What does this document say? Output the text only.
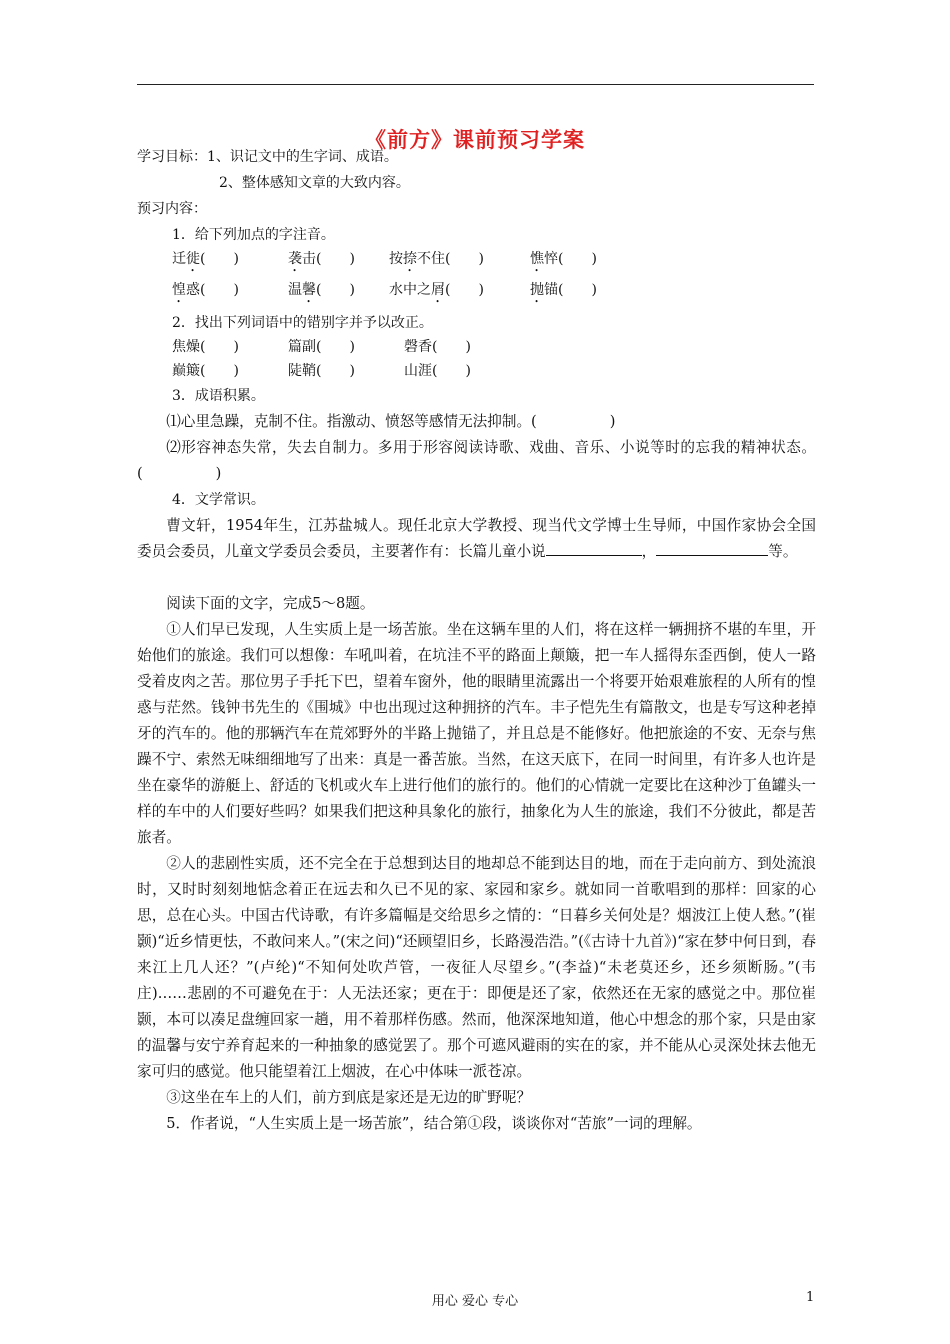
《前方》课前预习学案
学习目标：1、识记文中的生字词、成语。
2、整体感知文章的大致内容。
预习内容：
1．给下列加点的字注音。
迁徙(　　)	袭击(　　) 按捺不住(　　)	憔悴(　　)
惶惑(　　)	温馨(　　) 水中之屑(　　)	抛锚(　　)
2．找出下列词语中的错别字并予以改正。
焦燥(　　)	篇副(　　)	磬香(　　)
巅簸(　　)	陡鞘(　　)	山涯(　　)
3．成语积累。

⑴心里急躁，克制不住。指激动、愤怒等感情无法抑制。(　　　　　)

⑵形容神态失常，失去自制力。多用于形容阅读诗歌、戏曲、音乐、小说等时的忘我的精神状态。(　　　　　)

4．文学常识。

曹文轩，1954年生，江苏盐城人。现任北京大学教授、现当代文学博士生导师，中国作家协会全国委员会委员，儿童文学委员会委员，主要著作有：长篇儿童小说	，	等。

阅读下面的文字，完成5～8题。

①人们早已发现，人生实质上是一场苦旅。坐在这辆车里的人们，将在这样一辆拥挤不堪的车里，开始他们的旅途。我们可以想像：车吼叫着，在坑洼不平的路面上颠簸，把一车人摇得东歪西倒，使人一路受着皮肉之苦。那位男子手托下巴，望着车窗外，他的眼睛里流露出一个将要开始艰难旅程的人所有的惶惑与茫然。钱钟书先生的《围城》中也出现过这种拥挤的汽车。丰子恺先生有篇散文，也是专写这种老掉牙的汽车的。他的那辆汽车在荒郊野外的半路上抛锚了，并且总是不能修好。他把旅途的不安、无奈与焦躁不宁、索然无味细细地写了出来：真是一番苦旅。当然，在这天底下，在同一时间里，有许多人也许是坐在豪华的游艇上、舒适的飞机或火车上进行他们的旅行的。他们的心情就一定要比在这种沙丁鱼罐头一样的车中的人们要好些吗？如果我们把这种具象化的旅行，抽象化为人生的旅途，我们不分彼此，都是苦旅者。

②人的悲剧性实质，还不完全在于总想到达目的地却总不能到达目的地，而在于走向前方、到处流浪时，又时时刻刻地惦念着正在远去和久已不见的家、家园和家乡。就如同一首歌唱到的那样：回家的心思，总在心头。中国古代诗歌，有许多篇幅是交给思乡之情的：“日暮乡关何处是？烟波江上使人愁。”(崔颢)“近乡情更怯，不敢问来人。”(宋之问)“还顾望旧乡，长路漫浩浩。”(《古诗十九首》)“家在梦中何日到，春来江上几人还？”(卢纶)“不知何处吹芦管，一夜征人尽望乡。”(李益)“未老莫还乡，还乡须断肠。”(韦庄)……悲剧的不可避免在于：人无法还家；更在于：即便是还了家，依然还在无家的感觉之中。那位崔颢，本可以凑足盘缠回家一趟，用不着那样伤感。然而，他深深地知道，他心中想念的那个家，只是由家的温馨与安宁养育起来的一种抽象的感觉罢了。那个可遮风避雨的实在的家，并不能从心灵深处抹去他无家可归的感觉。他只能望着江上烟波，在心中体味一派苍凉。

③这坐在车上的人们，前方到底是家还是无边的旷野呢？

5．作者说，“人生实质上是一场苦旅”，结合第①段，谈谈你对“苦旅”一词的理解。

用心 爱心 专心	1
